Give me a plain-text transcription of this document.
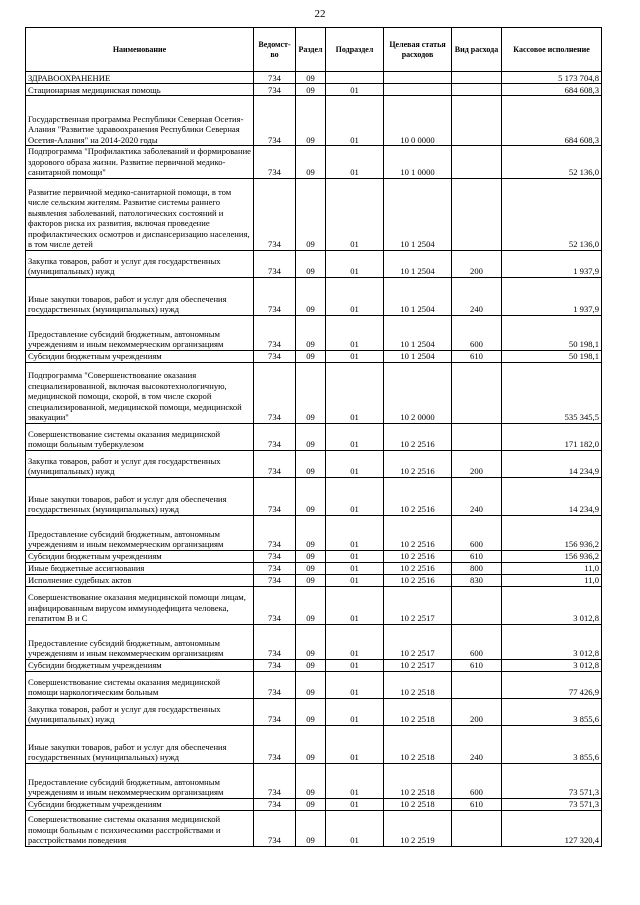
22
Наименование	Ведомст-во	Раздел	Подраздел	Целевая статья расходов	Вид расхода	Кассовое исполнение
ЗДРАВООХРАНЕНИЕ	734	09				5 173 704,8
Стационарная медицинская помощь	734	09	01			684 608,3
Государственная программа Республики Северная Осетия-Алания "Развитие здравоохранения Республики Северная Осетия-Алания" на 2014-2020 годы	734	09	01	10 0 0000		684 608,3
Подпрограмма "Профилактика заболеваний и формирование здорового образа жизни. Развитие первичной медико-санитарной помощи"	734	09	01	10 1 0000		52 136,0
Развитие первичной медико-санитарной помощи, в том числе сельским жителям. Развитие системы раннего выявления заболеваний, патологических состояний и факторов риска их развития, включая проведение профилактических осмотров и диспансеризацию населения, в том числе детей	734	09	01	10 1 2504		52 136,0
Закупка товаров, работ и услуг для государственных (муниципальных) нужд	734	09	01	10 1 2504	200	1 937,9
Иные закупки товаров, работ и услуг для обеспечения государственных (муниципальных) нужд	734	09	01	10 1 2504	240	1 937,9
Предоставление субсидий бюджетным, автономным учреждениям и иным некоммерческим организациям	734	09	01	10 1 2504	600	50 198,1
Субсидии бюджетным учреждениям	734	09	01	10 1 2504	610	50 198,1
Подпрограмма "Совершенствование оказания специализированной, включая высокотехнологичную, медицинской помощи, скорой, в том числе скорой специализированной, медицинской помощи, медицинской эвакуации"	734	09	01	10 2 0000		535 345,5
Совершенствование системы оказания медицинской помощи больным туберкулезом	734	09	01	10 2 2516		171 182,0
Закупка товаров, работ и услуг для государственных (муниципальных) нужд	734	09	01	10 2 2516	200	14 234,9
Иные закупки товаров, работ и услуг для обеспечения государственных (муниципальных) нужд	734	09	01	10 2 2516	240	14 234,9
Предоставление субсидий бюджетным, автономным учреждениям и иным некоммерческим организациям	734	09	01	10 2 2516	600	156 936,2
Субсидии бюджетным учреждениям	734	09	01	10 2 2516	610	156 936,2
Иные бюджетные ассигнования	734	09	01	10 2 2516	800	11,0
Исполнение судебных актов	734	09	01	10 2 2516	830	11,0
Совершенствование оказания медицинской помощи лицам, инфицированным вирусом иммунодефицита человека, гепатитом В и С	734	09	01	10 2 2517		3 012,8
Предоставление субсидий бюджетным, автономным учреждениям и иным некоммерческим организациям	734	09	01	10 2 2517	600	3 012,8
Субсидии бюджетным учреждениям	734	09	01	10 2 2517	610	3 012,8
Совершенствование системы оказания медицинской помощи наркологическим больным	734	09	01	10 2 2518		77 426,9
Закупка товаров, работ и услуг для государственных (муниципальных) нужд	734	09	01	10 2 2518	200	3 855,6
Иные закупки товаров, работ и услуг для обеспечения государственных (муниципальных) нужд	734	09	01	10 2 2518	240	3 855,6
Предоставление субсидий бюджетным, автономным учреждениям и иным некоммерческим организациям	734	09	01	10 2 2518	600	73 571,3
Субсидии бюджетным учреждениям	734	09	01	10 2 2518	610	73 571,3
Совершенствование системы оказания медицинской помощи больным с психическими расстройствами и расстройствами поведения	734	09	01	10 2 2519		127 320,4
